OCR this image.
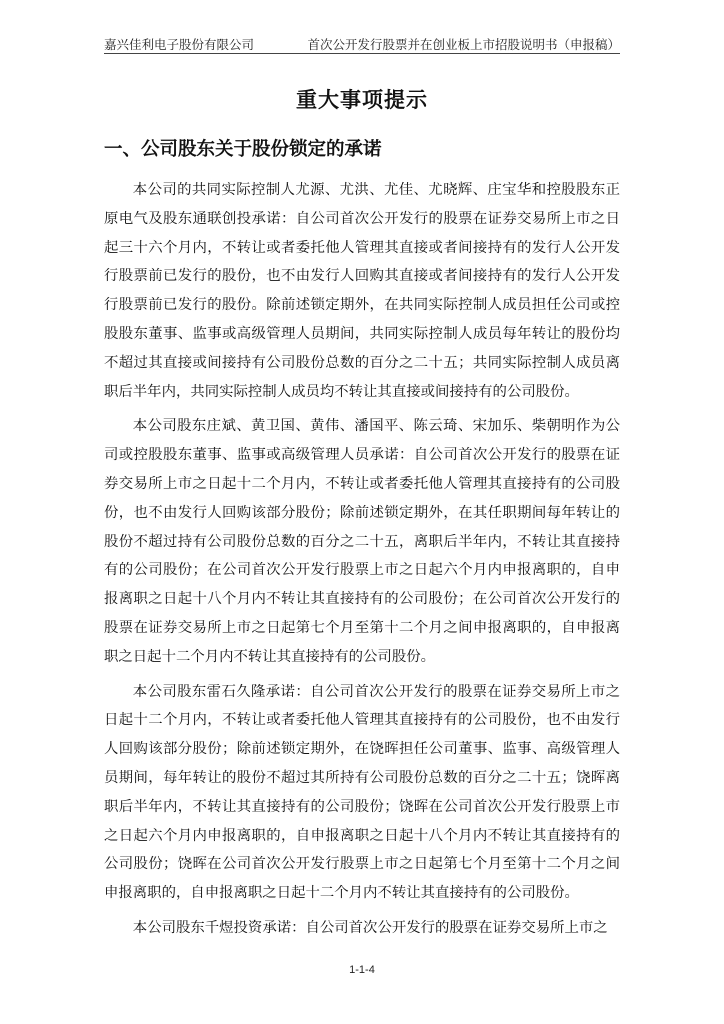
嘉兴佳利电子股份有限公司	首次公开发行股票并在创业板上市招股说明书（申报稿）
重大事项提示
一、公司股东关于股份锁定的承诺

本公司的共同实际控制人尤源、尤洪、尤佳、尤晓辉、庄宝华和控股股东正原电气及股东通联创投承诺：自公司首次公开发行的股票在证券交易所上市之日起三十六个月内，不转让或者委托他人管理其直接或者间接持有的发行人公开发行股票前已发行的股份，也不由发行人回购其直接或者间接持有的发行人公开发行股票前已发行的股份。除前述锁定期外，在共同实际控制人成员担任公司或控股股东董事、监事或高级管理人员期间，共同实际控制人成员每年转让的股份均不超过其直接或间接持有公司股份总数的百分之二十五；共同实际控制人成员离职后半年内，共同实际控制人成员均不转让其直接或间接持有的公司股份。

本公司股东庄斌、黄卫国、黄伟、潘国平、陈云琦、宋加乐、柴朝明作为公司或控股股东董事、监事或高级管理人员承诺：自公司首次公开发行的股票在证券交易所上市之日起十二个月内，不转让或者委托他人管理其直接持有的公司股份，也不由发行人回购该部分股份；除前述锁定期外，在其任职期间每年转让的股份不超过持有公司股份总数的百分之二十五，离职后半年内，不转让其直接持有的公司股份；在公司首次公开发行股票上市之日起六个月内申报离职的，自申报离职之日起十八个月内不转让其直接持有的公司股份；在公司首次公开发行的股票在证券交易所上市之日起第七个月至第十二个月之间申报离职的，自申报离职之日起十二个月内不转让其直接持有的公司股份。

本公司股东雷石久隆承诺：自公司首次公开发行的股票在证券交易所上市之日起十二个月内，不转让或者委托他人管理其直接持有的公司股份，也不由发行人回购该部分股份；除前述锁定期外，在饶晖担任公司董事、监事、高级管理人员期间，每年转让的股份不超过其所持有公司股份总数的百分之二十五；饶晖离职后半年内，不转让其直接持有的公司股份；饶晖在公司首次公开发行股票上市之日起六个月内申报离职的，自申报离职之日起十八个月内不转让其直接持有的公司股份；饶晖在公司首次公开发行股票上市之日起第七个月至第十二个月之间申报离职的，自申报离职之日起十二个月内不转让其直接持有的公司股份。

本公司股东千煜投资承诺：自公司首次公开发行的股票在证券交易所上市之

1-1-4
